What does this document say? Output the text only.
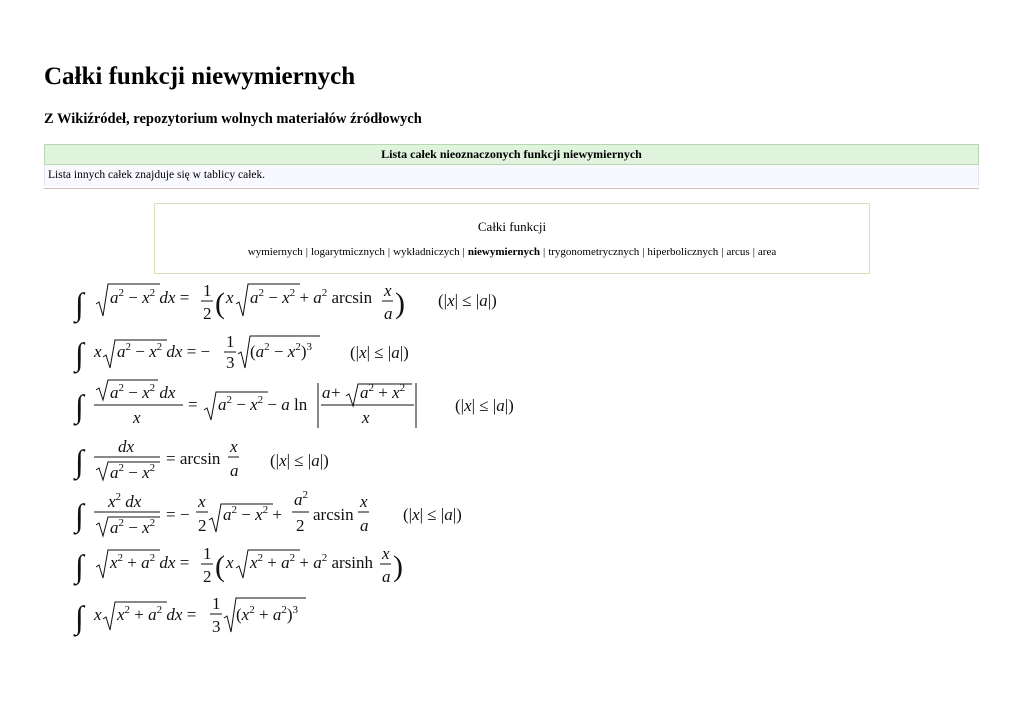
Całki funkcji niewymiernych
Z Wikiźródeł, repozytorium wolnych materiałów źródłowych
Lista całek nieoznaczonych funkcji niewymiernych
Lista innych całek znajduje się w tablicy całek.
Całki funkcji
wymiernych | logarytmicznych | wykładniczych | niewymiernych | trygonometrycznych | hiperbolicznych | arcus | area
∫ $a^2 - x^2$ dx = 1
2 ( x $a^2 - x^2 + a^2$ arcsin x
a ) (|x| ≤ |a|)
∫ x $a^2 - x^2$ dx = −
1
3
$(a^2 - x^2)^3$ (|x| ≤ |a|)
∫ $a^2 - x^2$ dx
x
= $a^2 - x^2 - a$ ln
$a + a^2 + x^2$
x
(|x| ≤ |a|)
∫ dx
$a^2 - x^2 = \arcsin$
x
a
(|x| ≤ |a|)
∫ $x^2$ dx
$a^2 - x^2$ = −
x
2
$a^2 - x^2$ +
$a^2$
2
arcsin
x
a
(|x| ≤ |a|)
∫ $x^2 + a^2$ dx = 1
2 ( x $x^2 + a^2 + a^2$ arsinh x
a )
∫ x $x^2 + a^2$ dx =
1
3
$(x^2 + a^2)^3$
